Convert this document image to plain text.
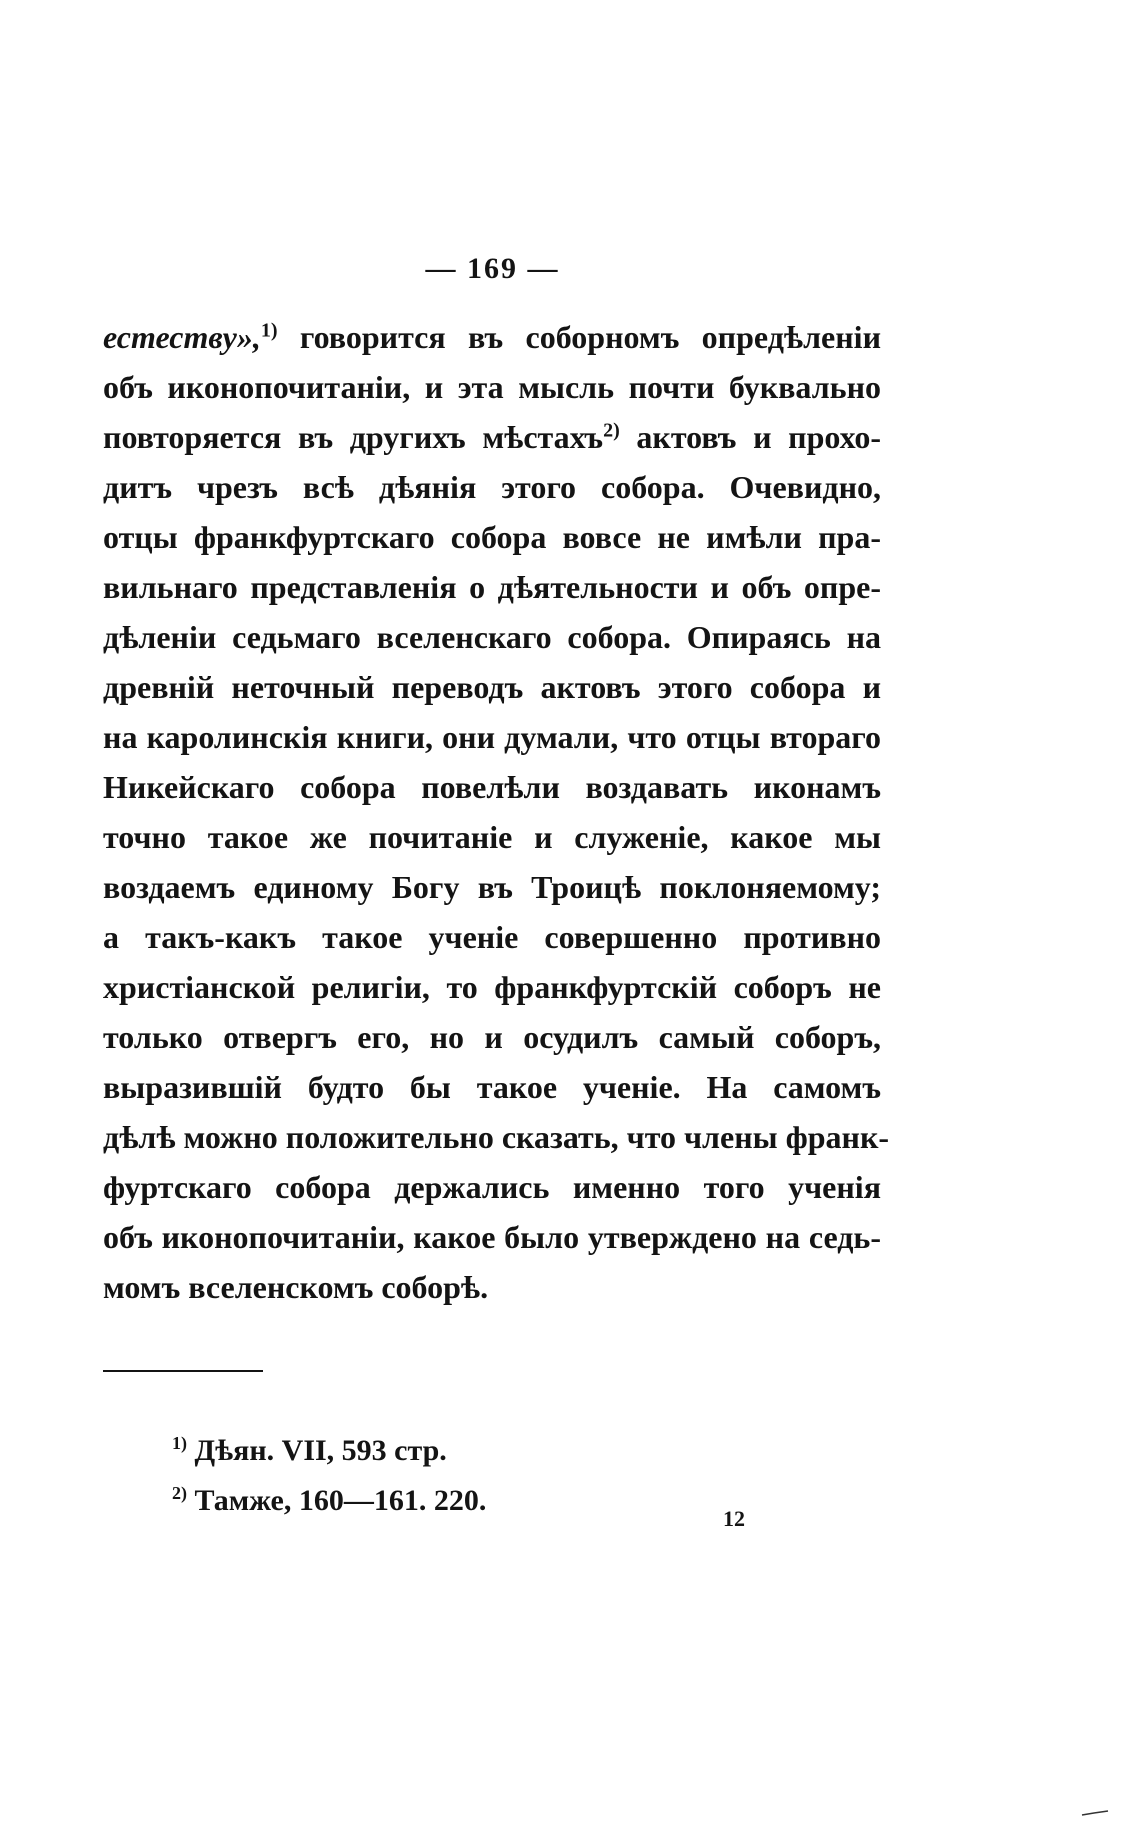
— 169 —
естеству»,$^{1)}$ говорится въ соборномъ опредѣленіи
объ иконопочитаніи, и эта мысль почти буквально
повторяется въ другихъ мѣстахъ$^{2)}$ актовъ и прохо-
дитъ чрезъ всѣ дѣянія этого собора. Очевидно,
отцы франкфуртскаго собора вовсе не имѣли пра-
вильнаго представленія о дѣятельности и объ опре-
дѣленіи седьмаго вселенскаго собора. Опираясь на
древній неточный переводъ актовъ этого собора и
на каролинскія книги, они думали, что отцы втораго
Никейскаго собора повелѣли воздавать иконамъ
точно такое же почитаніе и служеніе, какое мы
воздаемъ единому Богу въ Троицѣ поклоняемому;
а такъ-какъ такое ученіе совершенно противно
христіанской религіи, то франкфуртскій соборъ не
только отвергъ его, но и осудилъ самый соборъ,
выразившій будто бы такое ученіе. На самомъ
дѣлѣ можно положительно сказать, что члены франк-
фуртскаго собора держались именно того ученія
объ иконопочитаніи, какое было утверждено на седь-
момъ вселенскомъ соборѣ.
$^{1)}$ Дѣян. VII, 593 стр.
$^{2)}$ Тамже, 160—161. 220.
12
